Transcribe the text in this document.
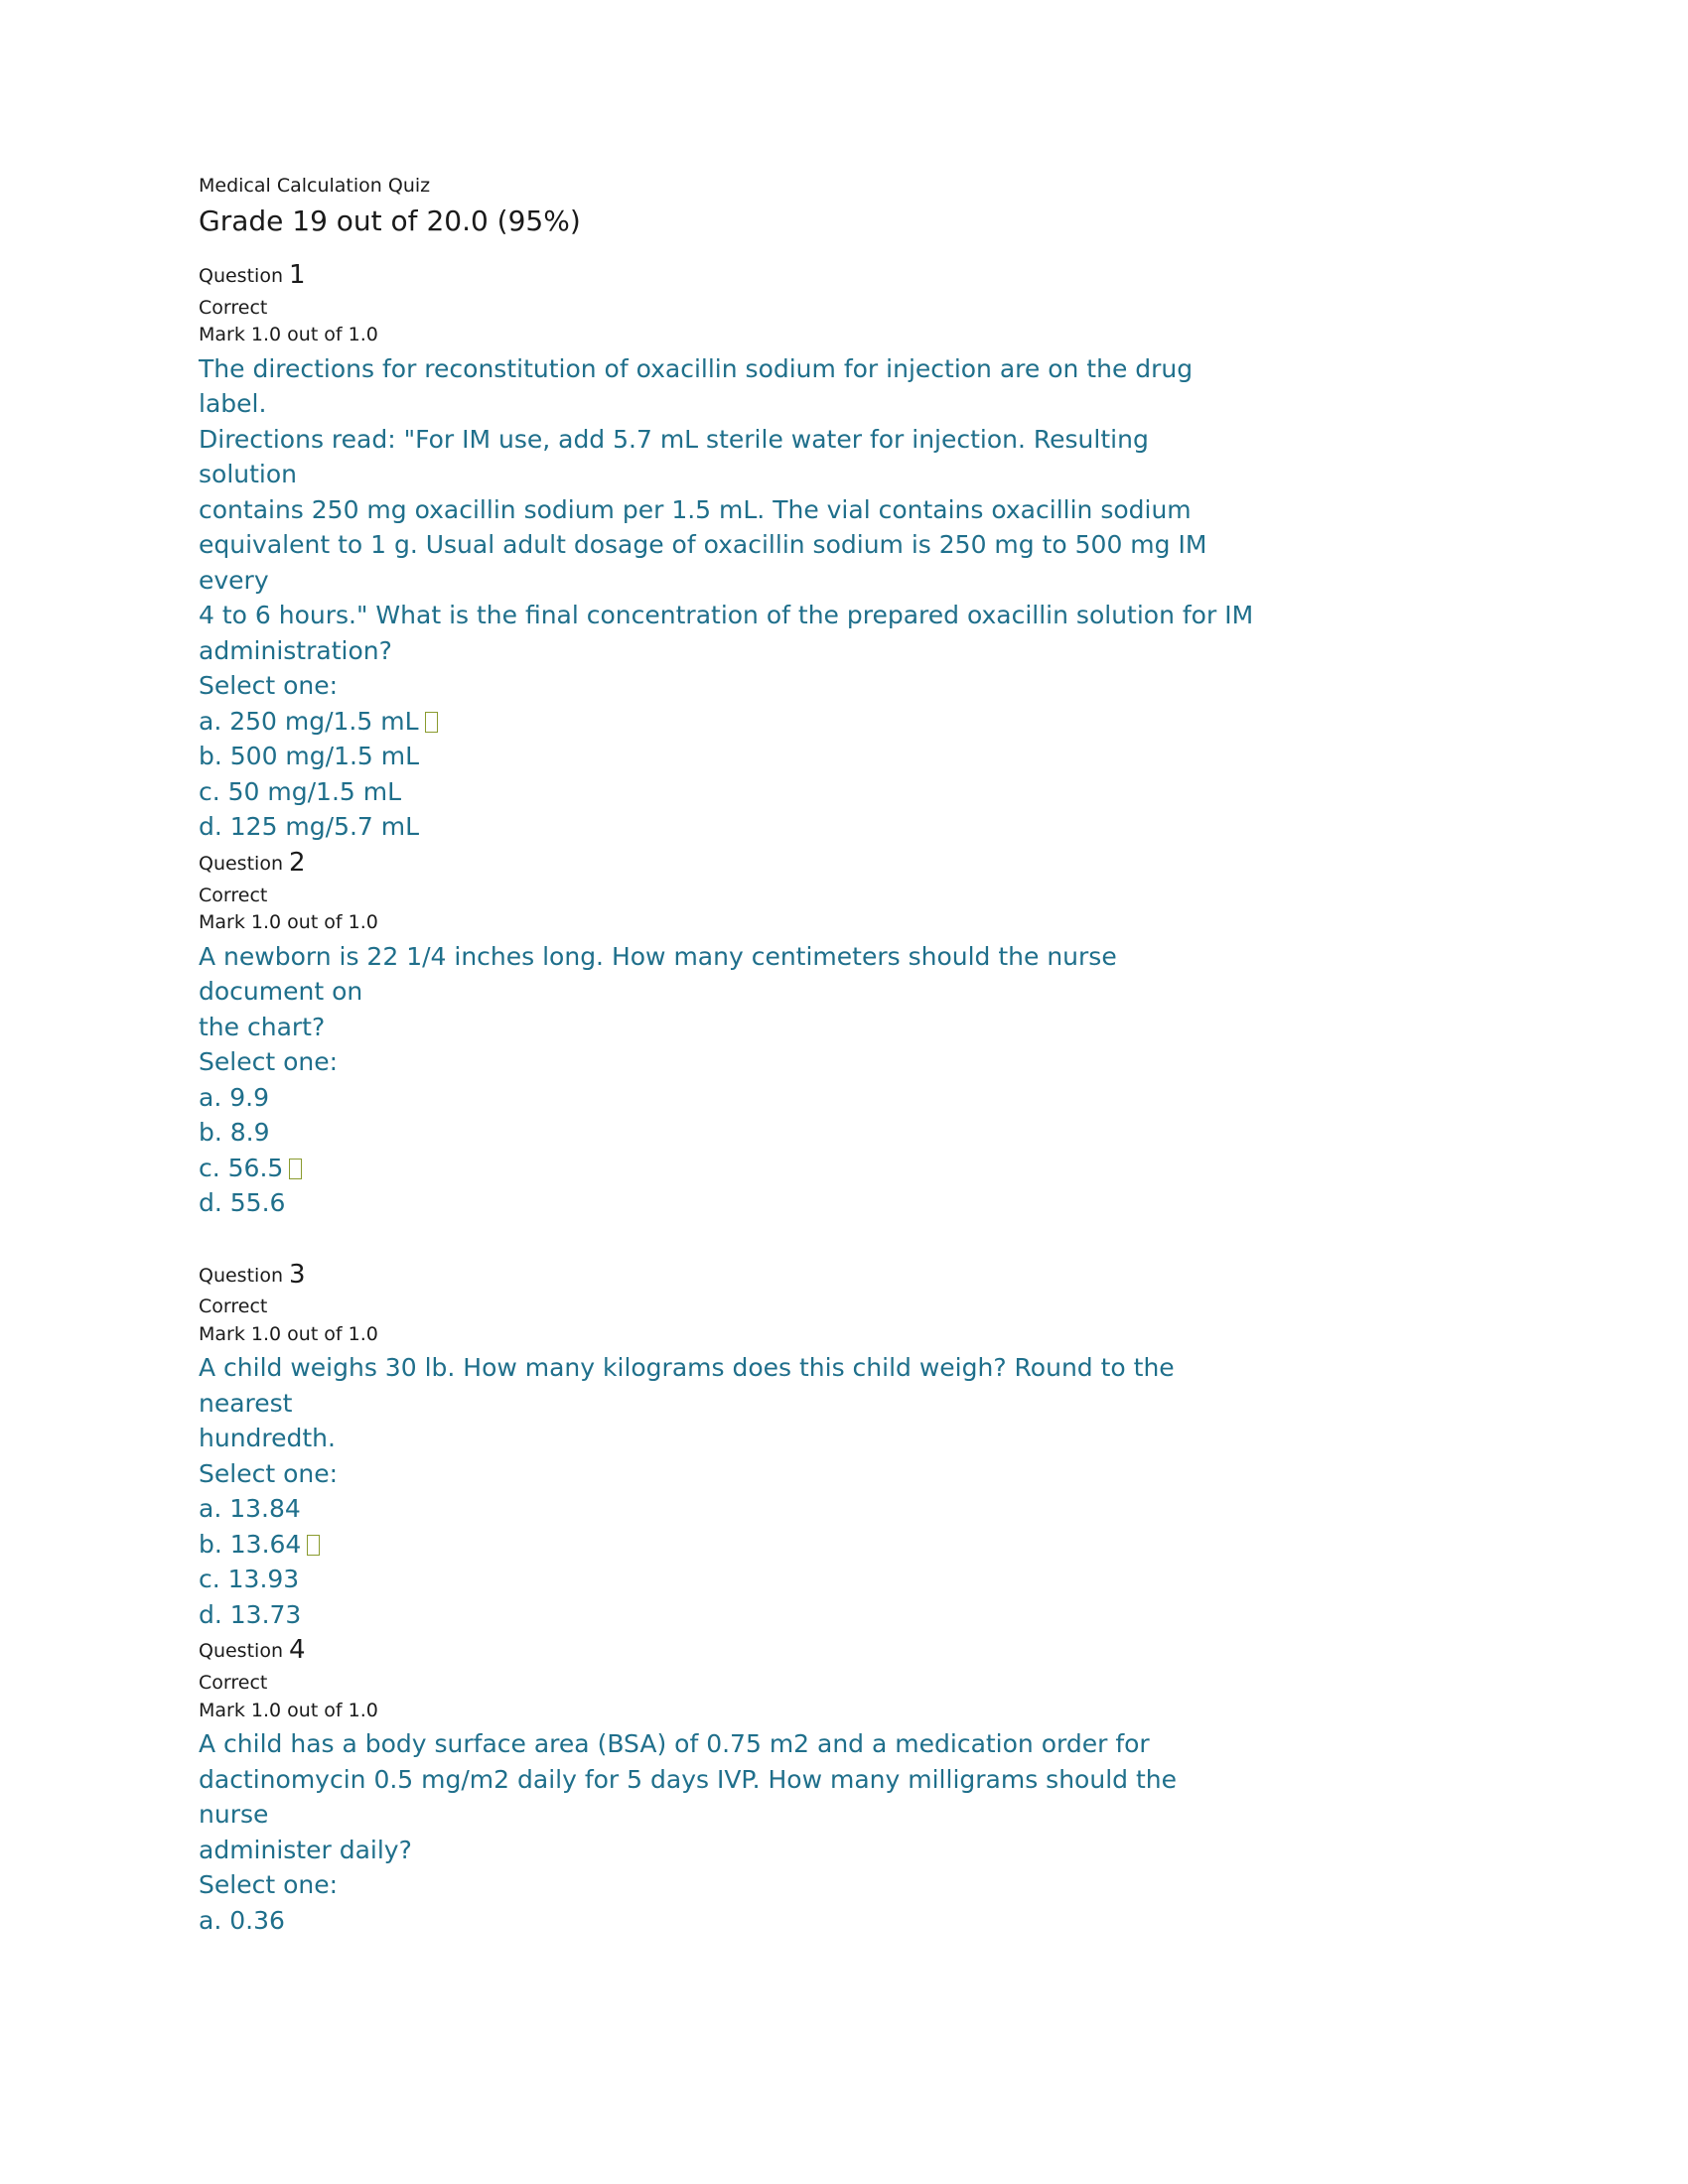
Medical Calculation Quiz
Grade 19 out of 20.0 (95%)
Question 1
Correct
Mark 1.0 out of 1.0
The directions for reconstitution of oxacillin sodium for injection are on the drug
label.
Directions read: "For IM use, add 5.7 mL sterile water for injection. Resulting
solution
contains 250 mg oxacillin sodium per 1.5 mL. The vial contains oxacillin sodium
equivalent to 1 g. Usual adult dosage of oxacillin sodium is 250 mg to 500 mg IM
every
4 to 6 hours." What is the final concentration of the prepared oxacillin solution for IM
administration?
Select one:
a. 250 mg/1.5 mL
b. 500 mg/1.5 mL
c. 50 mg/1.5 mL
d. 125 mg/5.7 mL
Question 2
Correct
Mark 1.0 out of 1.0
A newborn is 22 1/4 inches long. How many centimeters should the nurse
document on
the chart?
Select one:
a. 9.9
b. 8.9
c. 56.5
d. 55.6
Question 3
Correct
Mark 1.0 out of 1.0
A child weighs 30 lb. How many kilograms does this child weigh? Round to the
nearest
hundredth.
Select one:
a. 13.84
b. 13.64
c. 13.93
d. 13.73
Question 4
Correct
Mark 1.0 out of 1.0
A child has a body surface area (BSA) of 0.75 m2 and a medication order for
dactinomycin 0.5 mg/m2 daily for 5 days IVP. How many milligrams should the
nurse
administer daily?
Select one:
a. 0.36
